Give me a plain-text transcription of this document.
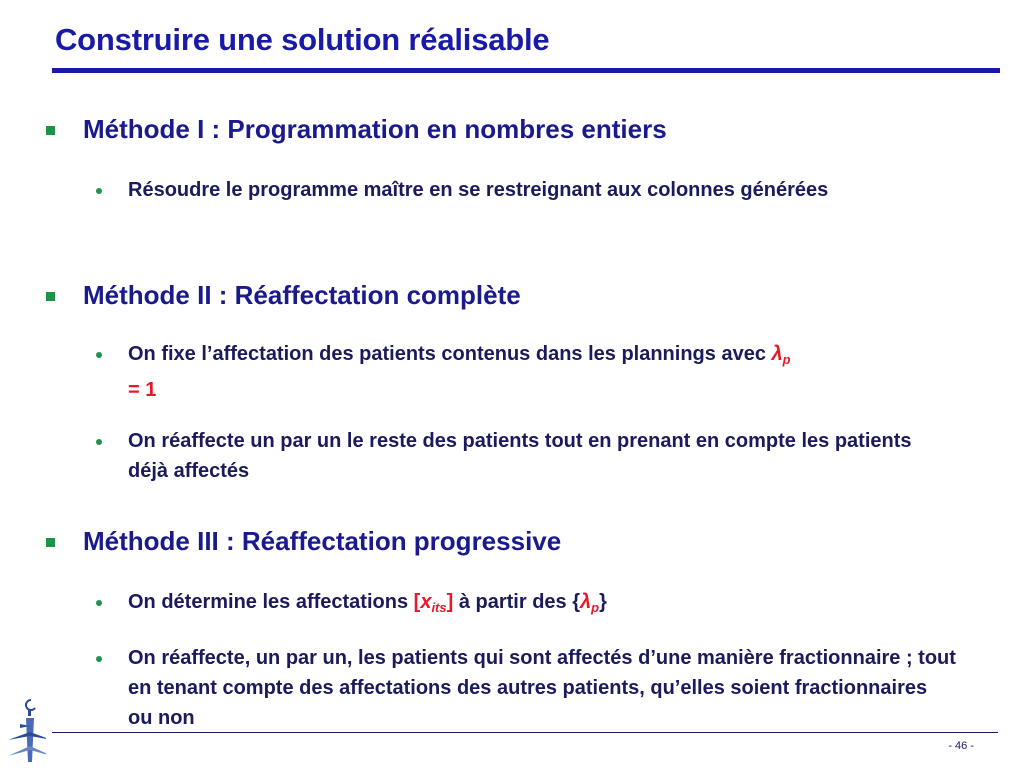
Construire une solution réalisable
Méthode I : Programmation en nombres entiers
Résoudre le programme maître en se restreignant aux colonnes générées
Méthode II : Réaffectation complète
On fixe l’affectation des patients contenus dans les plannings avec $\lambda_p$
= 1
On réaffecte un par un le reste des patients tout en prenant en compte les patients déjà affectés
Méthode III : Réaffectation progressive
On détermine les affectations $[x_{its}]$ à partir des $\{\lambda_p\}$
On réaffecte, un par un, les patients qui sont affectés d’une manière fractionnaire ; tout en tenant compte des affectations des autres patients, qu’elles soient fractionnaires ou non
- 46 -
